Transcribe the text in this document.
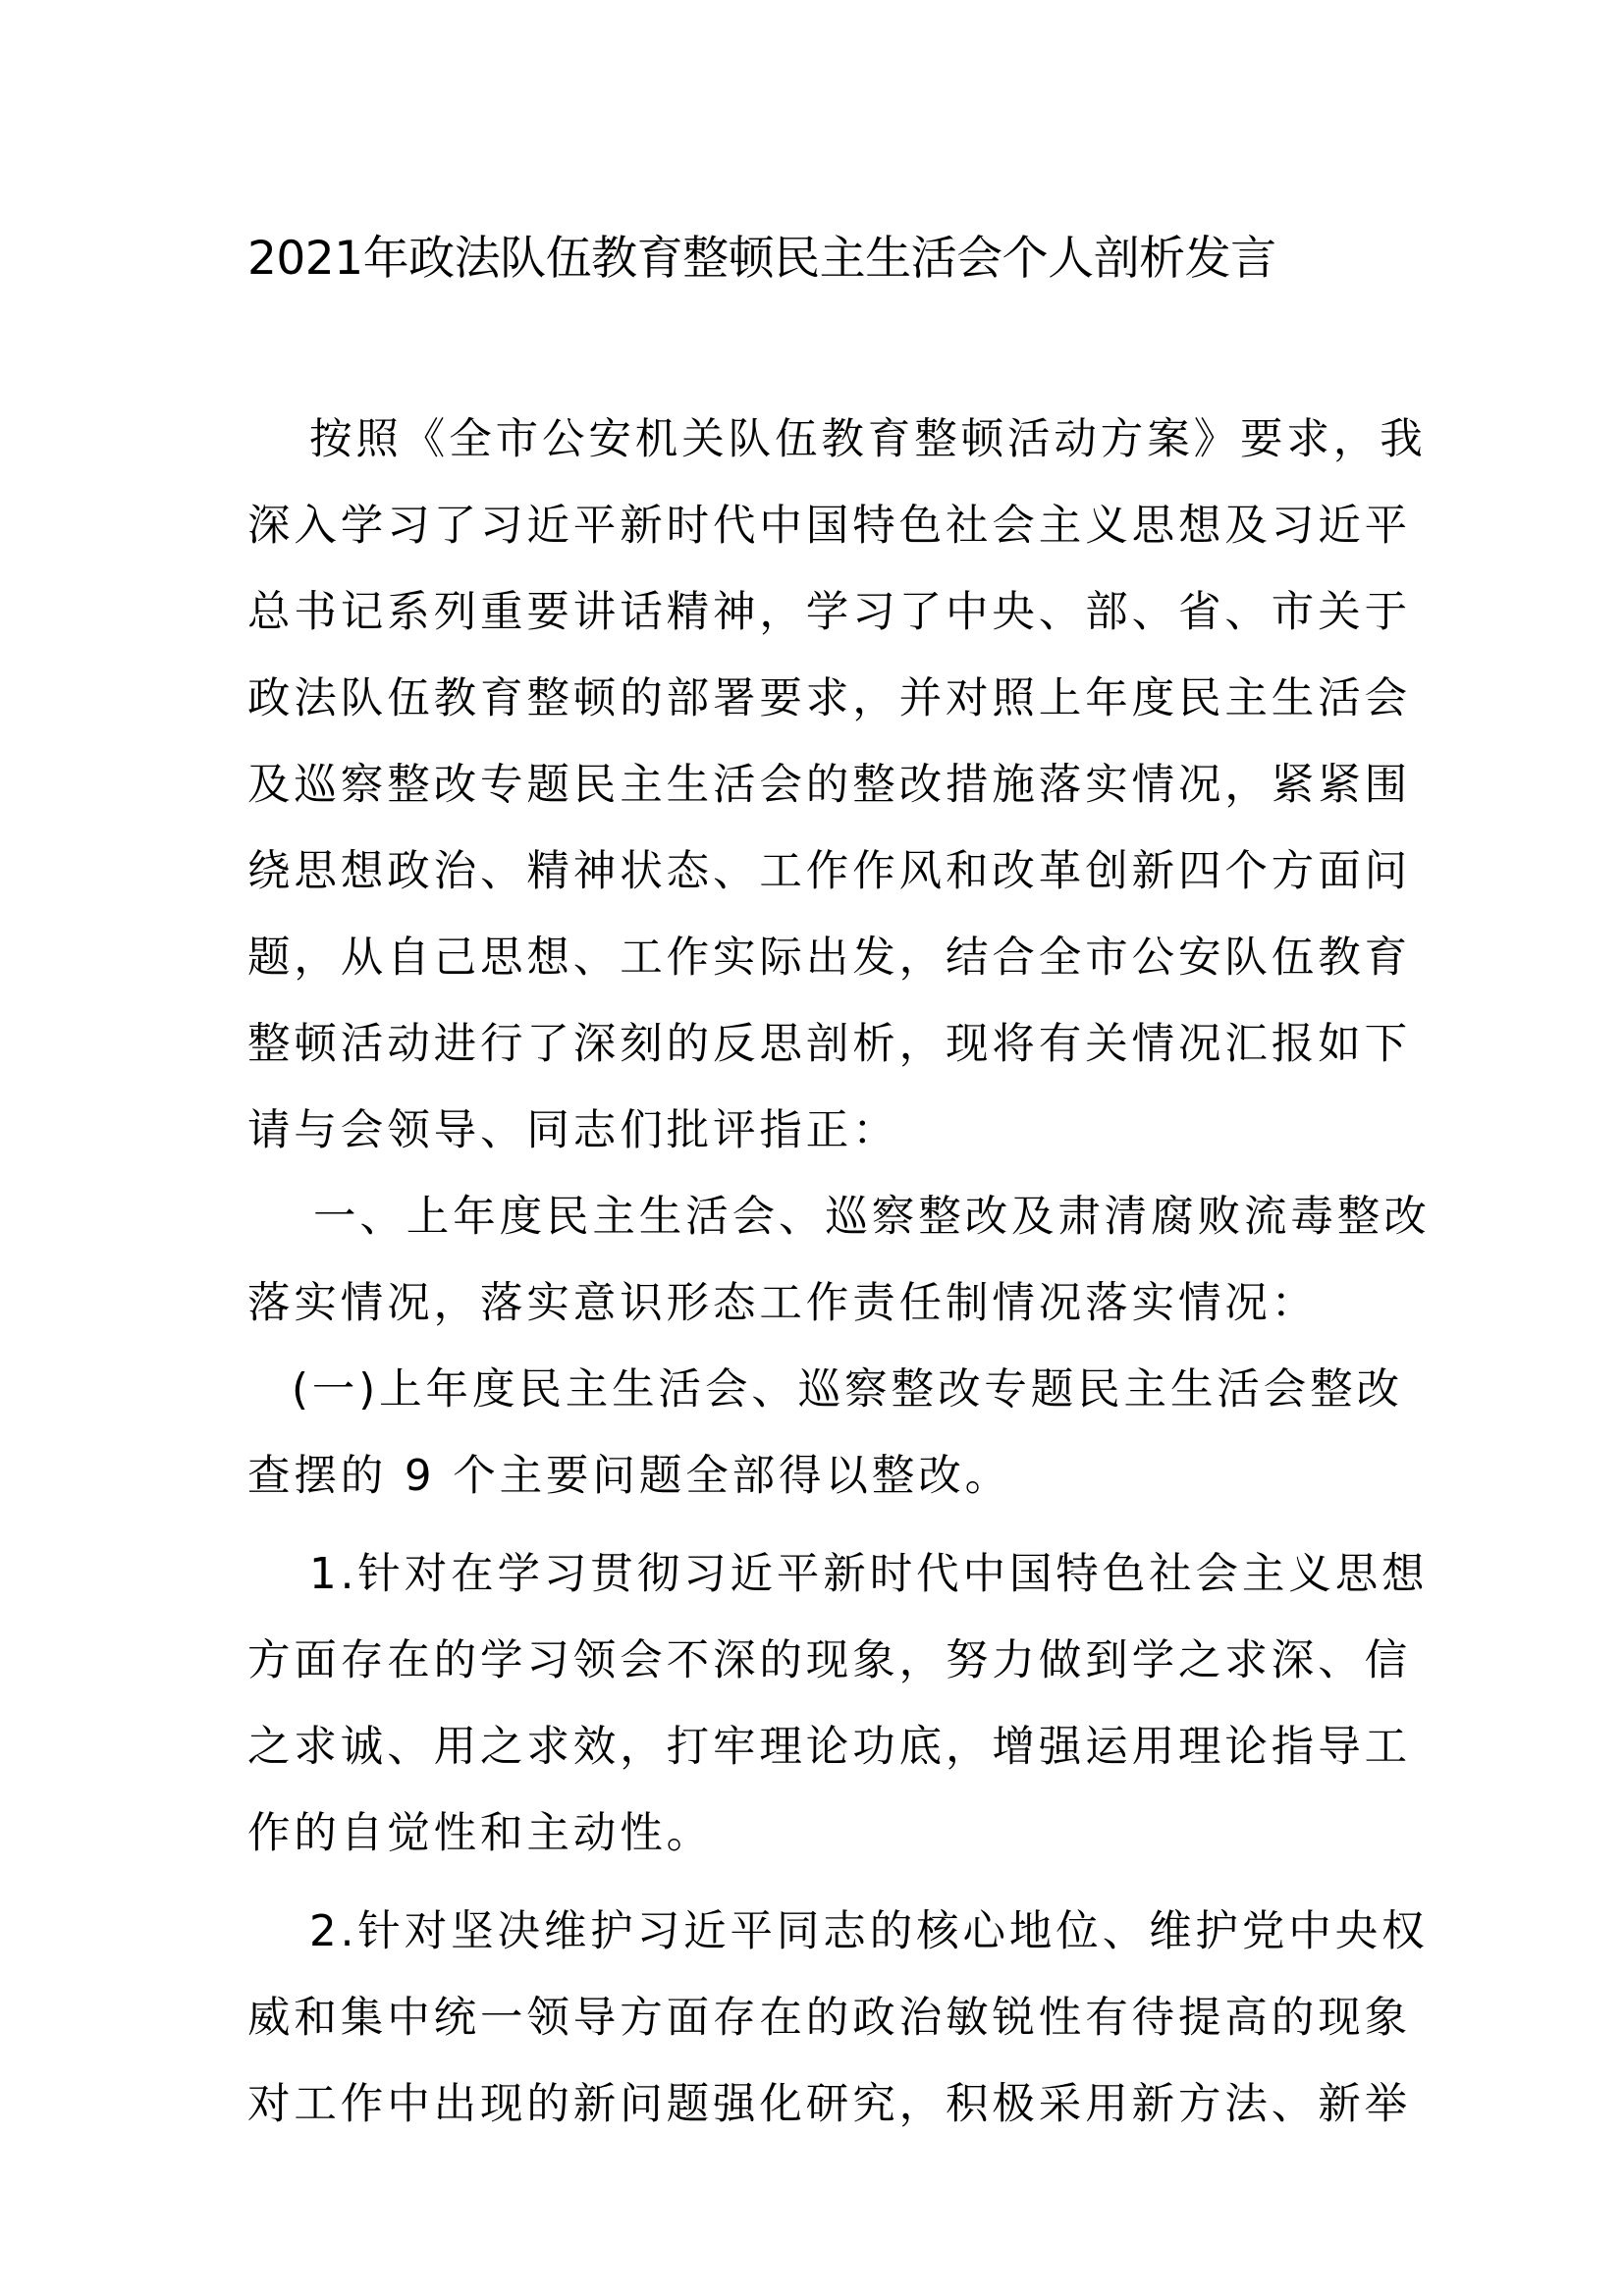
2021年政法队伍教育整顿民主生活会个人剖析发言
按照《全市公安机关队伍教育整顿活动方案》要求，我
深入学习了习近平新时代中国特色社会主义思想及习近平
总书记系列重要讲话精神，学习了中央、部、省、市关于
政法队伍教育整顿的部署要求，并对照上年度民主生活会
及巡察整改专题民主生活会的整改措施落实情况，紧紧围
绕思想政治、精神状态、工作作风和改革创新四个方面问
题，从自己思想、工作实际出发，结合全市公安队伍教育
整顿活动进行了深刻的反思剖析，现将有关情况汇报如下
请与会领导、同志们批评指正：
一、上年度民主生活会、巡察整改及肃清腐败流毒整改
落实情况，落实意识形态工作责任制情况落实情况：
(一)上年度民主生活会、巡察整改专题民主生活会整改
查摆的 9 个主要问题全部得以整改。
1.针对在学习贯彻习近平新时代中国特色社会主义思想
方面存在的学习领会不深的现象，努力做到学之求深、信
之求诚、用之求效，打牢理论功底，增强运用理论指导工
作的自觉性和主动性。
2.针对坚决维护习近平同志的核心地位、维护党中央权
威和集中统一领导方面存在的政治敏锐性有待提高的现象
对工作中出现的新问题强化研究，积极采用新方法、新举
